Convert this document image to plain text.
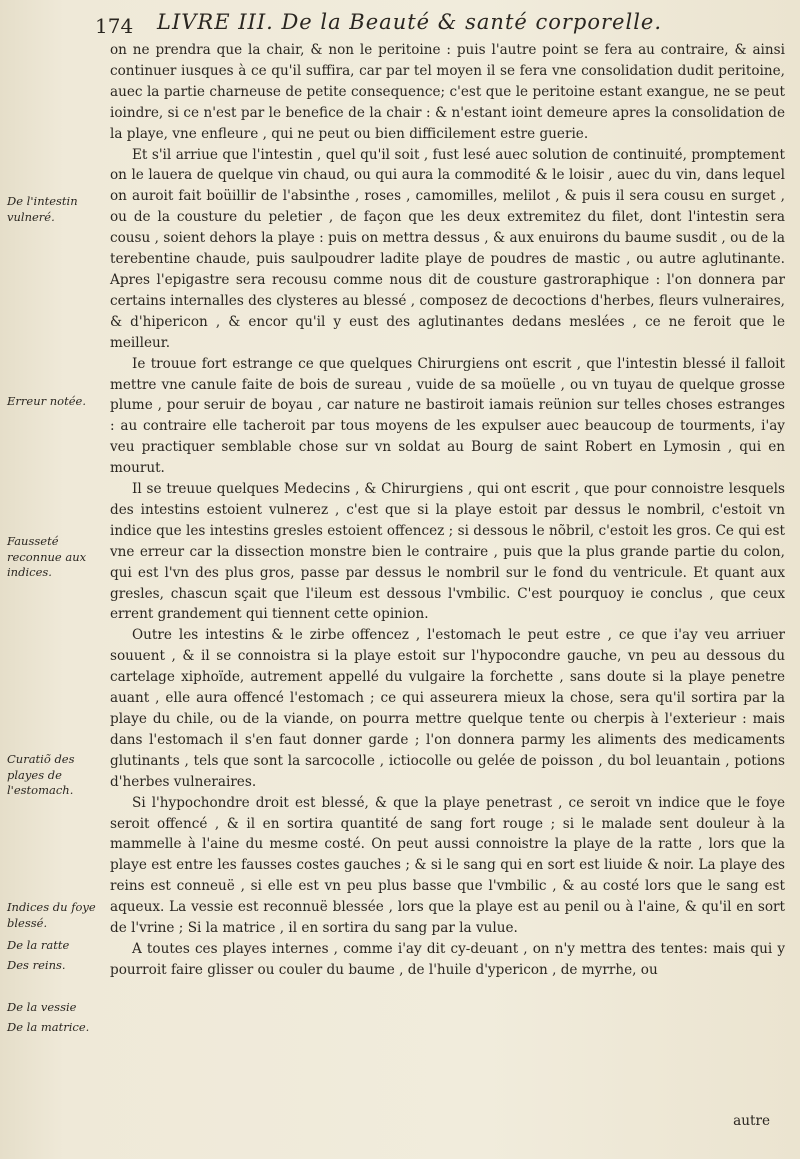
174 LIVRE III. De la Beauté & santé corporelle.
De l'intestin vulneré.
Erreur notée.
Fausseté reconnue aux indices.
Curatiõ des playes de l'estomach.
Indices du foye blessé.
De la ratte
Des reins.
De la vessie
De la matrice.

on ne prendra que la chair, & non le peritoine : puis l'autre point se fera au contraire, & ainsi continuer iusques à ce qu'il suffira, car par tel moyen il se fera vne consolidation dudit peritoine, auec la partie charneuse de petite consequence; c'est que le peritoine estant exangue, ne se peut ioindre, si ce n'est par le benefice de la chair : & n'estant ioint demeure apres la consolidation de la playe, vne enfleure , qui ne peut ou bien difficilement estre guerie.

Et s'il arriue que l'intestin , quel qu'il soit , fust lesé auec solution de continuité, promptement on le lauera de quelque vin chaud, ou qui aura la commodité & le loisir , auec du vin, dans lequel on auroit fait boüillir de l'absinthe , roses , camomilles, melilot , & puis il sera cousu en surget , ou de la cousture du peletier , de façon que les deux extremitez du filet, dont l'intestin sera cousu , soient dehors la playe : puis on mettra dessus , & aux enuirons du baume susdit , ou de la terebentine chaude, puis saulpoudrer ladite playe de poudres de mastic , ou autre aglutinante. Apres l'epigastre sera recousu comme nous dit de cousture gastroraphique : l'on donnera par certains internalles des clysteres au blessé , composez de decoctions d'herbes, fleurs vulneraires, & d'hipericon , & encor qu'il y eust des aglutinantes dedans meslées , ce ne feroit que le meilleur.

Ie trouue fort estrange ce que quelques Chirurgiens ont escrit , que l'intestin blessé il falloit mettre vne canule faite de bois de sureau , vuide de sa moüelle , ou vn tuyau de quelque grosse plume , pour seruir de boyau , car nature ne bastiroit iamais reünion sur telles choses estranges : au contraire elle tacheroit par tous moyens de les expulser auec beaucoup de tourments, i'ay veu practiquer semblable chose sur vn soldat au Bourg de saint Robert en Lymosin , qui en mourut.

Il se treuue quelques Medecins , & Chirurgiens , qui ont escrit , que pour connoistre lesquels des intestins estoient vulnerez , c'est que si la playe estoit par dessus le nombril, c'estoit vn indice que les intestins gresles estoient offencez ; si dessous le nõbril, c'estoit les gros. Ce qui est vne erreur car la dissection monstre bien le contraire , puis que la plus grande partie du colon, qui est l'vn des plus gros, passe par dessus le nombril sur le fond du ventricule. Et quant aux gresles, chascun sçait que l'ileum est dessous l'vmbilic. C'est pourquoy ie conclus , que ceux errent grandement qui tiennent cette opinion.

Outre les intestins & le zirbe offencez , l'estomach le peut estre , ce que i'ay veu arriuer souuent , & il se connoistra si la playe estoit sur l'hypocondre gauche, vn peu au dessous du cartelage xiphoïde, autrement appellé du vulgaire la forchette , sans doute si la playe penetre auant , elle aura offencé l'estomach ; ce qui asseurera mieux la chose, sera qu'il sortira par la playe du chile, ou de la viande, on pourra mettre quelque tente ou cherpis à l'exterieur : mais dans l'estomach il s'en faut donner garde ; l'on donnera parmy les aliments des medicaments glutinants , tels que sont la sarcocolle , ictiocolle ou gelée de poisson , du bol leuantain , potions d'herbes vulneraires.

Si l'hypochondre droit est blessé, & que la playe penetrast , ce seroit vn indice que le foye seroit offencé , & il en sortira quantité de sang fort rouge ; si le malade sent douleur à la mammelle à l'aine du mesme costé. On peut aussi connoistre la playe de la ratte , lors que la playe est entre les fausses costes gauches ; & si le sang qui en sort est liuide & noir. La playe des reins est conneuë , si elle est vn peu plus basse que l'vmbilic , & au costé lors que le sang est aqueux. La vessie est reconnuë blessée , lors que la playe est au penil ou à l'aine, & qu'il en sort de l'vrine ; Si la matrice , il en sortira du sang par la vulue.

A toutes ces playes internes , comme i'ay dit cy-deuant , on n'y mettra des tentes: mais qui y pourroit faire glisser ou couler du baume , de l'huile d'ypericon , de myrrhe, ou

autre
